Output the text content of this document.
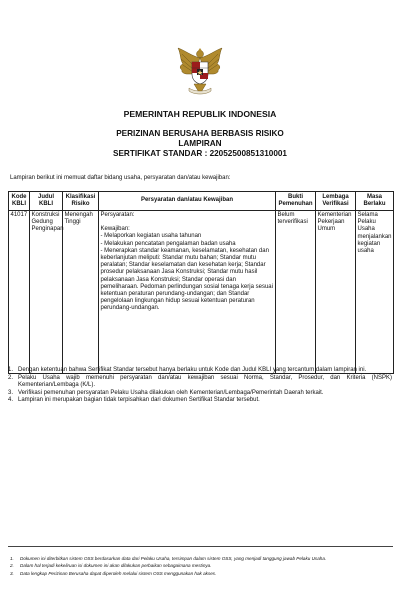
PEMERINTAH REPUBLIK INDONESIA
PERIZINAN BERUSAHA BERBASIS RISIKO
LAMPIRAN
SERTIFIKAT STANDAR : 22052500851310001
Lampiran berikut ini memuat daftar bidang usaha, persyaratan dan/atau kewajiban:
Kode KBLI	Judul KBLI	Klasifikasi Risiko	Persyaratan dan/atau Kewajiban	Bukti Pemenuhan	Lembaga Verifikasi	Masa Berlaku
41017	Konstruksi Gedung Penginapan	Menengah Tinggi	Persyaratan:
Kewajiban:
- Melaporkan kegiatan usaha tahunan
- Melakukan pencatatan pengalaman badan usaha
- Menerapkan standar keamanan, keselamatan, kesehatan dan keberlanjutan meliputi: Standar mutu bahan; Standar mutu peralatan; Standar keselamatan dan kesehatan kerja; Standar prosedur pelaksanaan Jasa Konstruksi; Standar mutu hasil pelaksanaan Jasa Konstruksi; Standar operasi dan pemeliharaan. Pedoman perlindungan sosial tenaga kerja sesuai ketentuan peraturan perundang-undangan; dan Standar pengelolaan lingkungan hidup sesuai ketentuan peraturan perundang-undangan.	Belum terverifikasi	Kementerian Pekerjaan Umum	Selama Pelaku Usaha menjalankan kegiatan usaha
1. Dengan ketentuan bahwa Sertifikat Standar tersebut hanya berlaku untuk Kode dan Judul KBLI yang tercantum dalam lampiran ini.
2. Pelaku Usaha wajib memenuhi persyaratan dan/atau kewajiban sesuai Norma, Standar, Prosedur, dan Kriteria (NSPK) Kementerian/Lembaga (K/L).
3. Verifikasi pemenuhan persyaratan Pelaku Usaha dilakukan oleh Kementerian/Lembaga/Pemerintah Daerah terkait.
4. Lampiran ini merupakan bagian tidak terpisahkan dari dokumen Sertifikat Standar tersebut.
1.	Dokumen ini diterbitkan sistem OSS berdasarkan data dari Pelaku Usaha, tersimpan dalam sistem OSS, yang menjadi tanggung jawab Pelaku Usaha.
2.	Dalam hal terjadi kekeliruan isi dokumen ini akan dilakukan perbaikan sebagaimana mestinya.
3.	Data lengkap Perizinan Berusaha dapat diperoleh melalui sistem OSS menggunakan hak akses.
